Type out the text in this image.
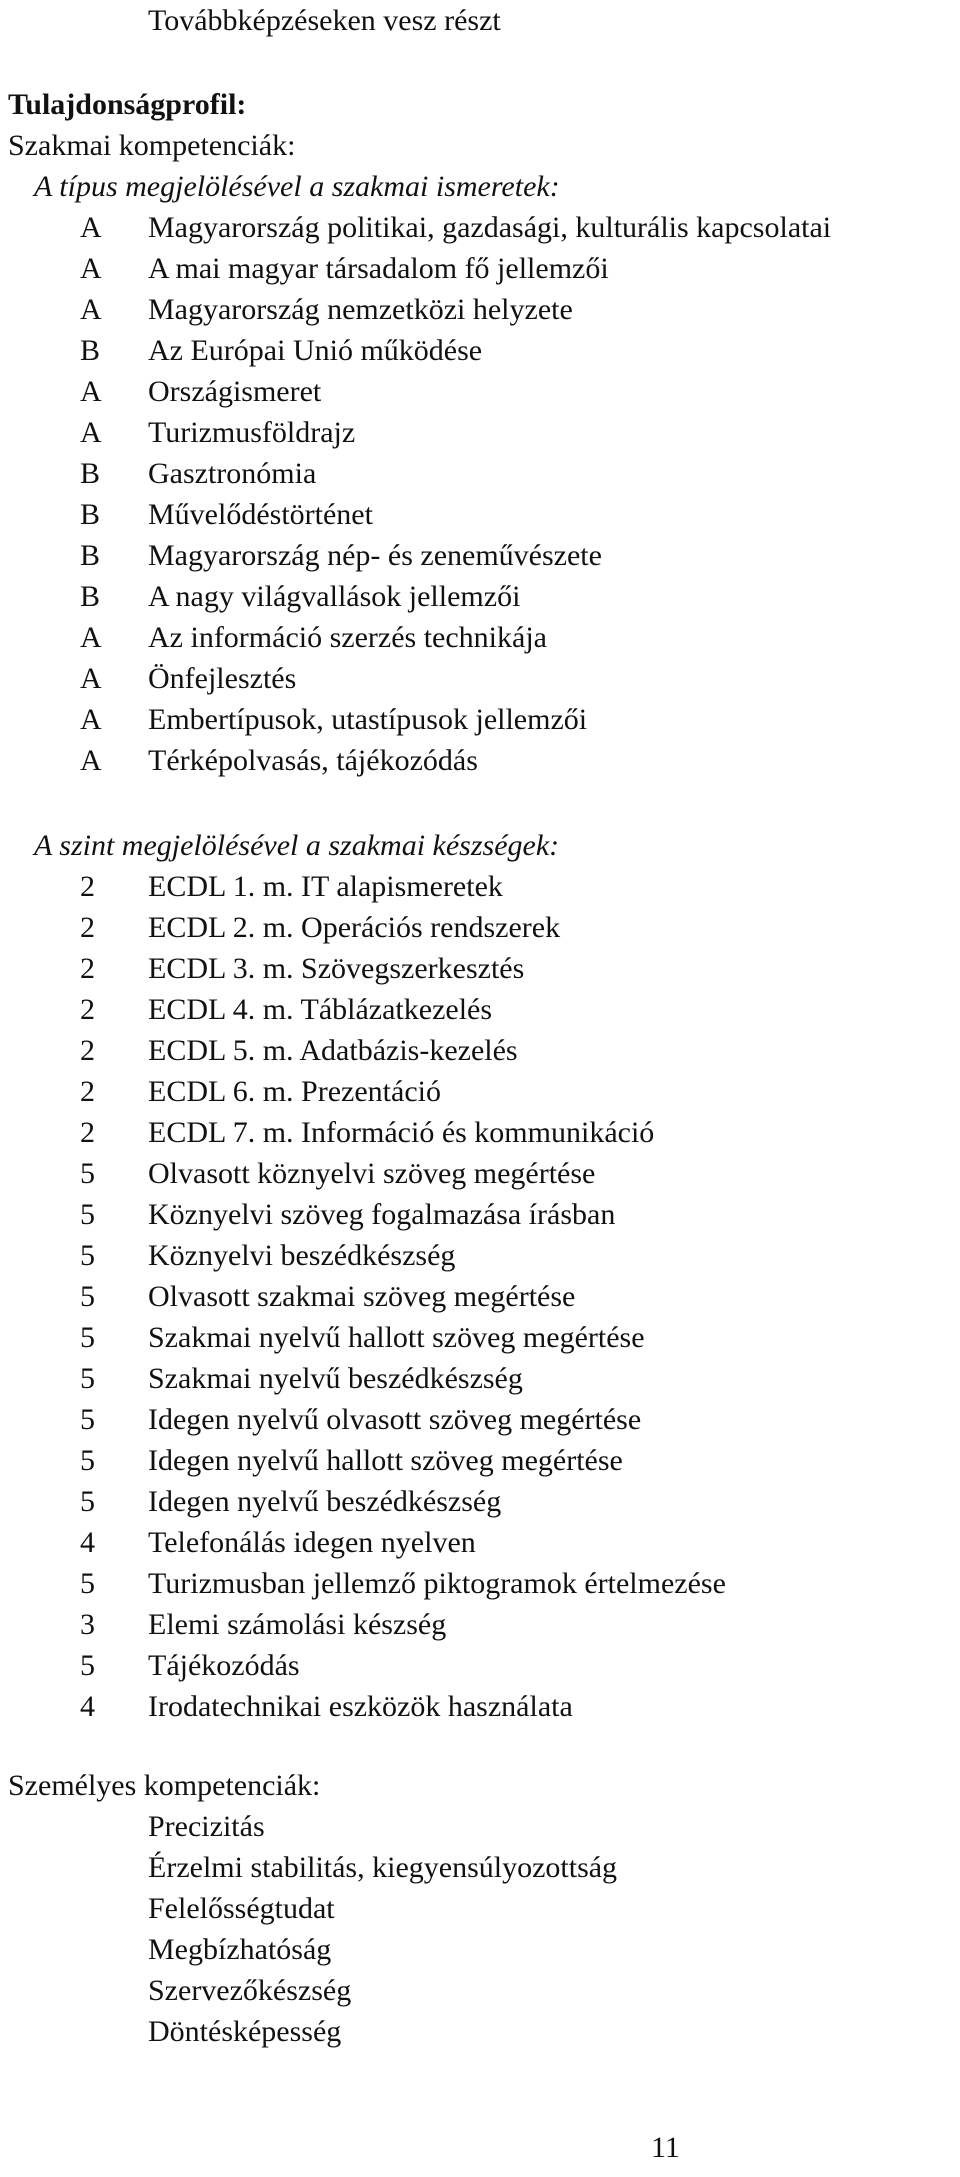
Továbbképzéseken vesz részt
Tulajdonságprofil:
Szakmai kompetenciák:
A típus megjelölésével a szakmai ismeretek:
A	Magyarország politikai, gazdasági, kulturális kapcsolatai
A	A mai magyar társadalom fő jellemzői
A	Magyarország nemzetközi helyzete
B	Az Európai Unió működése
A	Országismeret
A	Turizmusföldrajz
B	Gasztronómia
B	Művelődéstörténet
B	Magyarország nép- és zeneművészete
B	A nagy világvallások jellemzői
A	Az információ szerzés technikája
A	Önfejlesztés
A	Embertípusok, utastípusok jellemzői
A	Térképolvasás, tájékozódás
A szint megjelölésével a szakmai készségek:
2	ECDL 1. m. IT alapismeretek
2	ECDL 2. m. Operációs rendszerek
2	ECDL 3. m. Szövegszerkesztés
2	ECDL 4. m. Táblázatkezelés
2	ECDL 5. m. Adatbázis-kezelés
2	ECDL 6. m. Prezentáció
2	ECDL 7. m. Információ és kommunikáció
5	Olvasott köznyelvi szöveg megértése
5	Köznyelvi szöveg fogalmazása írásban
5	Köznyelvi beszédkészség
5	Olvasott szakmai szöveg megértése
5	Szakmai nyelvű hallott szöveg megértése
5	Szakmai nyelvű beszédkészség
5	Idegen nyelvű olvasott szöveg megértése
5	Idegen nyelvű hallott szöveg megértése
5	Idegen nyelvű beszédkészség
4	Telefonálás idegen nyelven
5	Turizmusban jellemző piktogramok értelmezése
3	Elemi számolási készség
5	Tájékozódás
4	Irodatechnikai eszközök használata
Személyes kompetenciák:
Precizitás
Érzelmi stabilitás, kiegyensúlyozottság
Felelősségtudat
Megbízhatóság
Szervezőkészség
Döntésképesség
11
